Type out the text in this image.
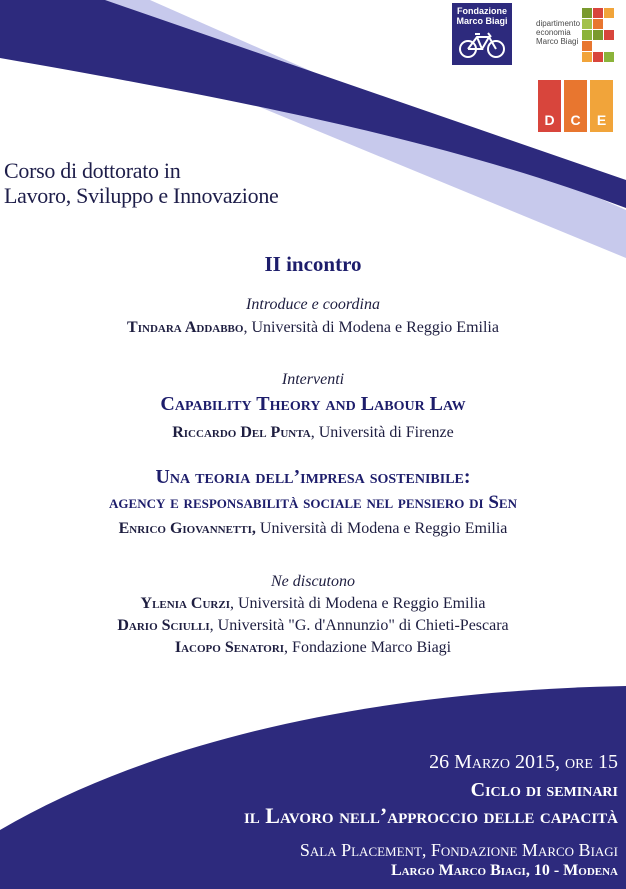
Fondazione
Marco Biagi	dipartimento
economia
Marco Biagi
D	C	E
Corso di dottorato in
Lavoro, Sviluppo e Innovazione
II incontro
Introduce e coordina
Tindara Addabbo, Università di Modena e Reggio Emilia
Interventi
Capability Theory and Labour Law
Riccardo Del Punta, Università di Firenze
Una teoria dell’impresa sostenibile:
agency e responsabilità sociale nel pensiero di Sen
Enrico Giovannetti, Università di Modena e Reggio Emilia
Ne discutono
Ylenia Curzi, Università di Modena e Reggio Emilia
Dario Sciulli, Università "G. d'Annunzio" di Chieti-Pescara
Iacopo Senatori, Fondazione Marco Biagi
26 Marzo 2015, ore 15
Ciclo di seminari
il Lavoro nell’approccio delle capacità
Sala Placement, Fondazione Marco Biagi
Largo Marco Biagi, 10 - Modena
